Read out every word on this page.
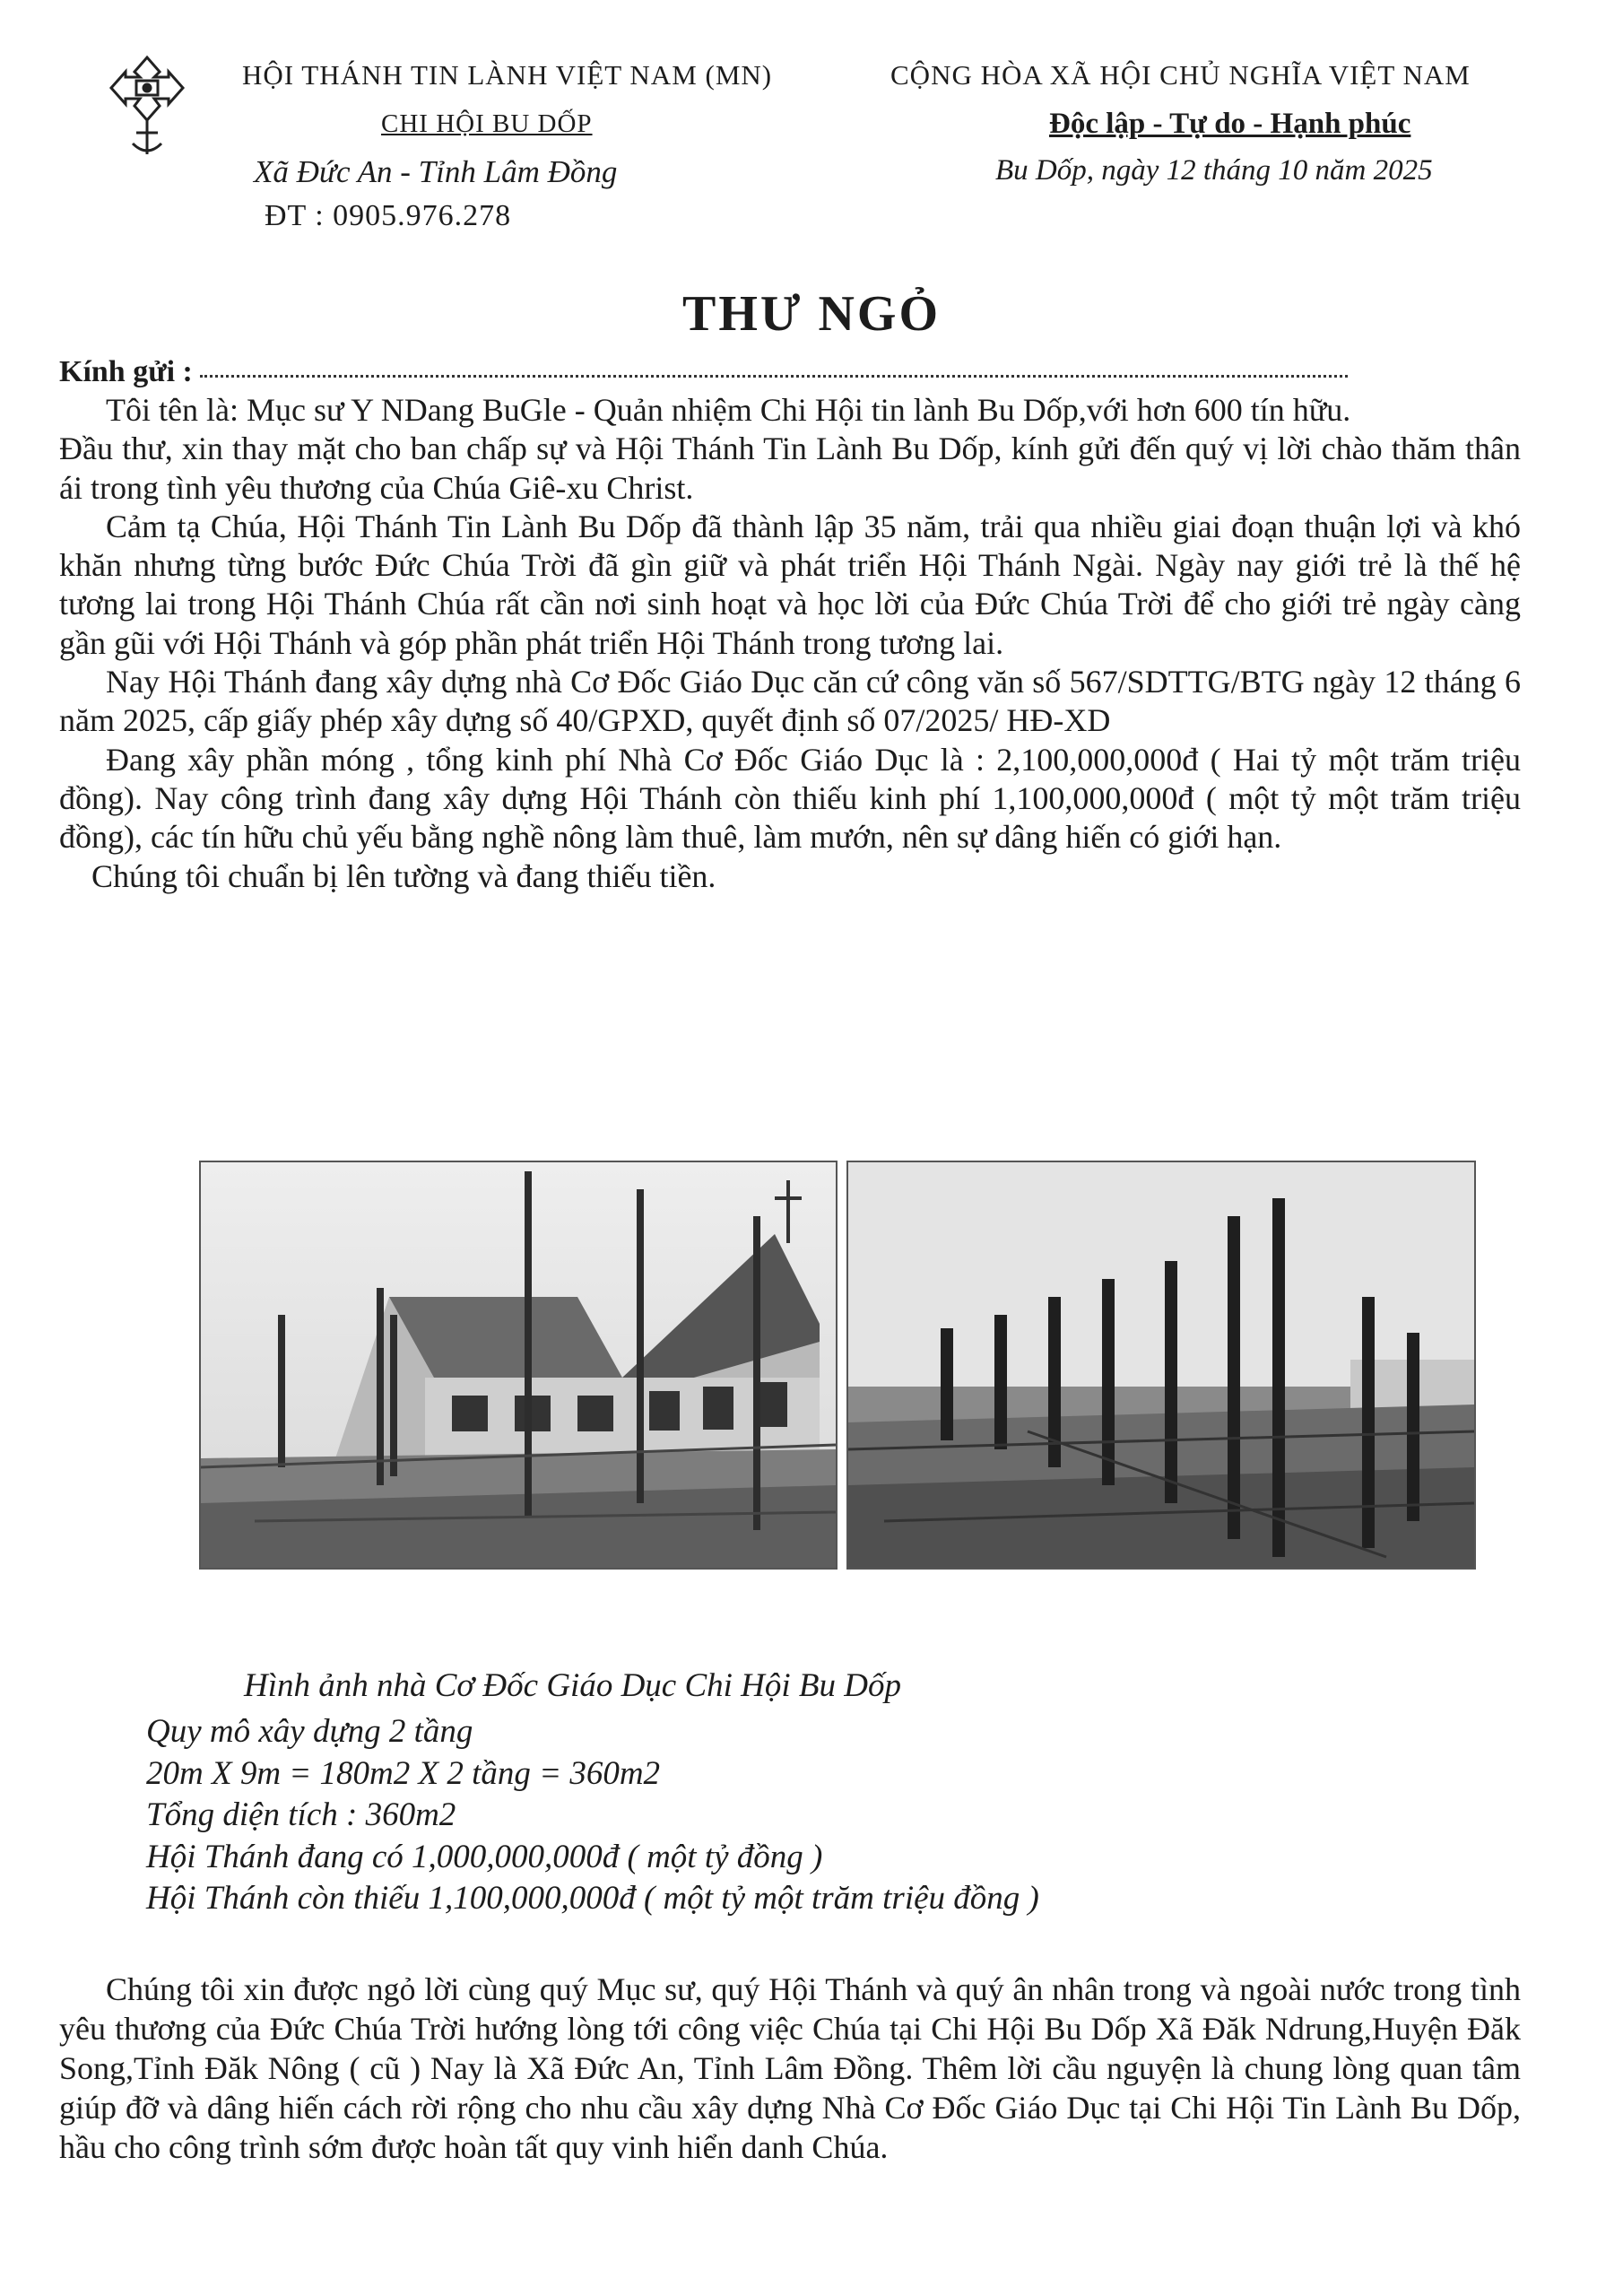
HỘI THÁNH TIN LÀNH VIỆT NAM (MN)
CHI HỘI BU DỐP
Xã Đức An - Tỉnh Lâm Đồng
ĐT : 0905.976.278
CỘNG HÒA XÃ HỘI CHỦ NGHĨA VIỆT NAM
Độc lập - Tự do - Hạnh phúc
Bu Dốp, ngày 12 tháng 10 năm 2025
THƯ NGỎ
Kính gửi :

Tôi tên là: Mục sư Y NDang BuGle - Quản nhiệm Chi Hội tin lành Bu Dốp,với hơn 600 tín hữu.

Đầu thư, xin thay mặt cho ban chấp sự và Hội Thánh Tin Lành Bu Dốp, kính gửi đến quý vị lời chào thăm thân ái trong tình yêu thương của Chúa Giê-xu Christ.

Cảm tạ Chúa, Hội Thánh Tin Lành Bu Dốp đã thành lập 35 năm, trải qua nhiều giai đoạn thuận lợi và khó khăn nhưng từng bước Đức Chúa Trời đã gìn giữ và phát triển Hội Thánh Ngài. Ngày nay giới trẻ là thế hệ tương lai trong Hội Thánh Chúa rất cần nơi sinh hoạt và học lời của Đức Chúa Trời để cho giới trẻ ngày càng gần gũi với Hội Thánh và góp phần phát triển Hội Thánh trong tương lai.

Nay Hội Thánh đang xây dựng nhà Cơ Đốc Giáo Dục căn cứ công văn số 567/SDTTG/BTG ngày 12 tháng 6 năm 2025, cấp giấy phép xây dựng số 40/GPXD, quyết định số 07/2025/ HĐ-XD

Đang xây phần móng , tổng kinh phí Nhà Cơ Đốc Giáo Dục là : 2,100,000,000đ ( Hai tỷ một trăm triệu đồng). Nay công trình đang xây dựng Hội Thánh còn thiếu kinh phí 1,100,000,000đ ( một tỷ một trăm triệu đồng), các tín hữu chủ yếu bằng nghề nông làm thuê, làm mướn, nên sự dâng hiến có giới hạn.

Chúng tôi chuẩn bị lên tường và đang thiếu tiền.

Hình ảnh nhà Cơ Đốc Giáo Dục Chi Hội Bu Dốp
Quy mô xây dựng 2 tầng
20m X 9m = 180m2 X 2 tầng = 360m2
Tổng diện tích : 360m2
Hội Thánh đang có 1,000,000,000đ ( một tỷ đồng )
Hội Thánh còn thiếu 1,100,000,000đ ( một tỷ một trăm triệu đồng )

Chúng tôi xin được ngỏ lời cùng quý Mục sư, quý Hội Thánh và quý ân nhân trong và ngoài nước trong tình yêu thương của Đức Chúa Trời hướng lòng tới công việc Chúa tại Chi Hội Bu Dốp Xã Đăk Ndrung,Huyện Đăk Song,Tỉnh Đăk Nông ( cũ ) Nay là Xã Đức An, Tỉnh Lâm Đồng. Thêm lời cầu nguyện là chung lòng quan tâm giúp đỡ và dâng hiến cách rời rộng cho nhu cầu xây dựng Nhà Cơ Đốc Giáo Dục tại Chi Hội Tin Lành Bu Dốp, hầu cho công trình sớm được hoàn tất quy vinh hiển danh Chúa.
